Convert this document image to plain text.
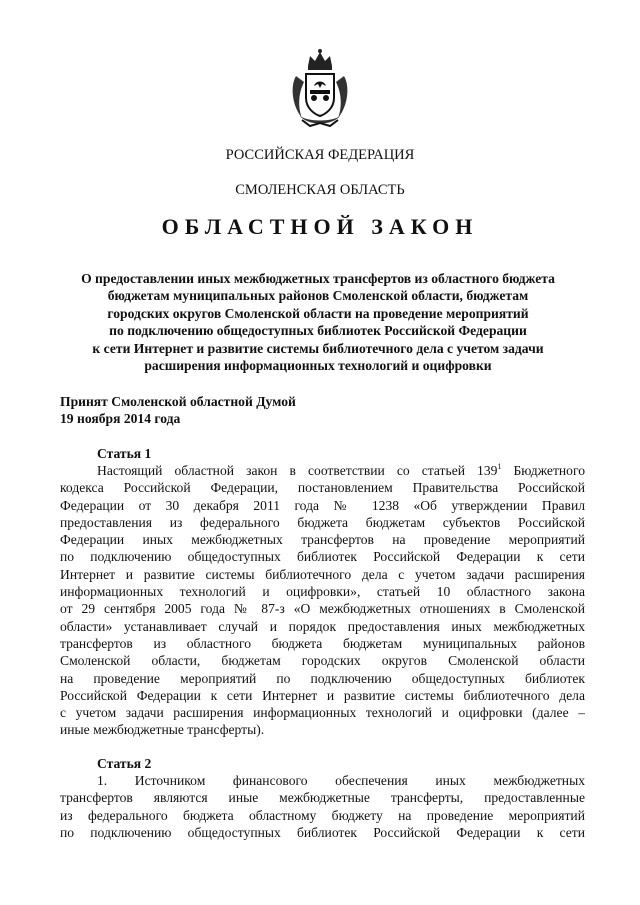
РОССИЙСКАЯ ФЕДЕРАЦИЯ
СМОЛЕНСКАЯ ОБЛАСТЬ
ОБЛАСТНОЙ ЗАКОН
О предоставлении иных межбюджетных трансфертов из областного бюджета
бюджетам муниципальных районов Смоленской области, бюджетам
городских округов Смоленской области на проведение мероприятий
по подключению общедоступных библиотек Российской Федерации
к сети Интернет и развитие системы библиотечного дела с учетом задачи
расширения информационных технологий и оцифровки
Принят Смоленской областной Думой
19 ноября 2014 года
Статья 1
Настоящий областной закон в соответствии со статьей $139^1$ Бюджетного
кодекса Российской Федерации, постановлением Правительства Российской
Федерации от 30 декабря 2011 года № 1238 «Об утверждении Правил
предоставления из федерального бюджета бюджетам субъектов Российской
Федерации иных межбюджетных трансфертов на проведение мероприятий
по подключению общедоступных библиотек Российской Федерации к сети
Интернет и развитие системы библиотечного дела с учетом задачи расширения
информационных технологий и оцифровки», статьей 10 областного закона
от 29 сентября 2005 года № 87-з «О межбюджетных отношениях в Смоленской
области» устанавливает случай и порядок предоставления иных межбюджетных
трансфертов из областного бюджета бюджетам муниципальных районов
Смоленской области, бюджетам городских округов Смоленской области
на проведение мероприятий по подключению общедоступных библиотек
Российской Федерации к сети Интернет и развитие системы библиотечного дела
с учетом задачи расширения информационных технологий и оцифровки (далее –
иные межбюджетные трансферты).
Статья 2
1. Источником финансового обеспечения иных межбюджетных
трансфертов являются иные межбюджетные трансферты, предоставленные
из федерального бюджета областному бюджету на проведение мероприятий
по подключению общедоступных библиотек Российской Федерации к сети
